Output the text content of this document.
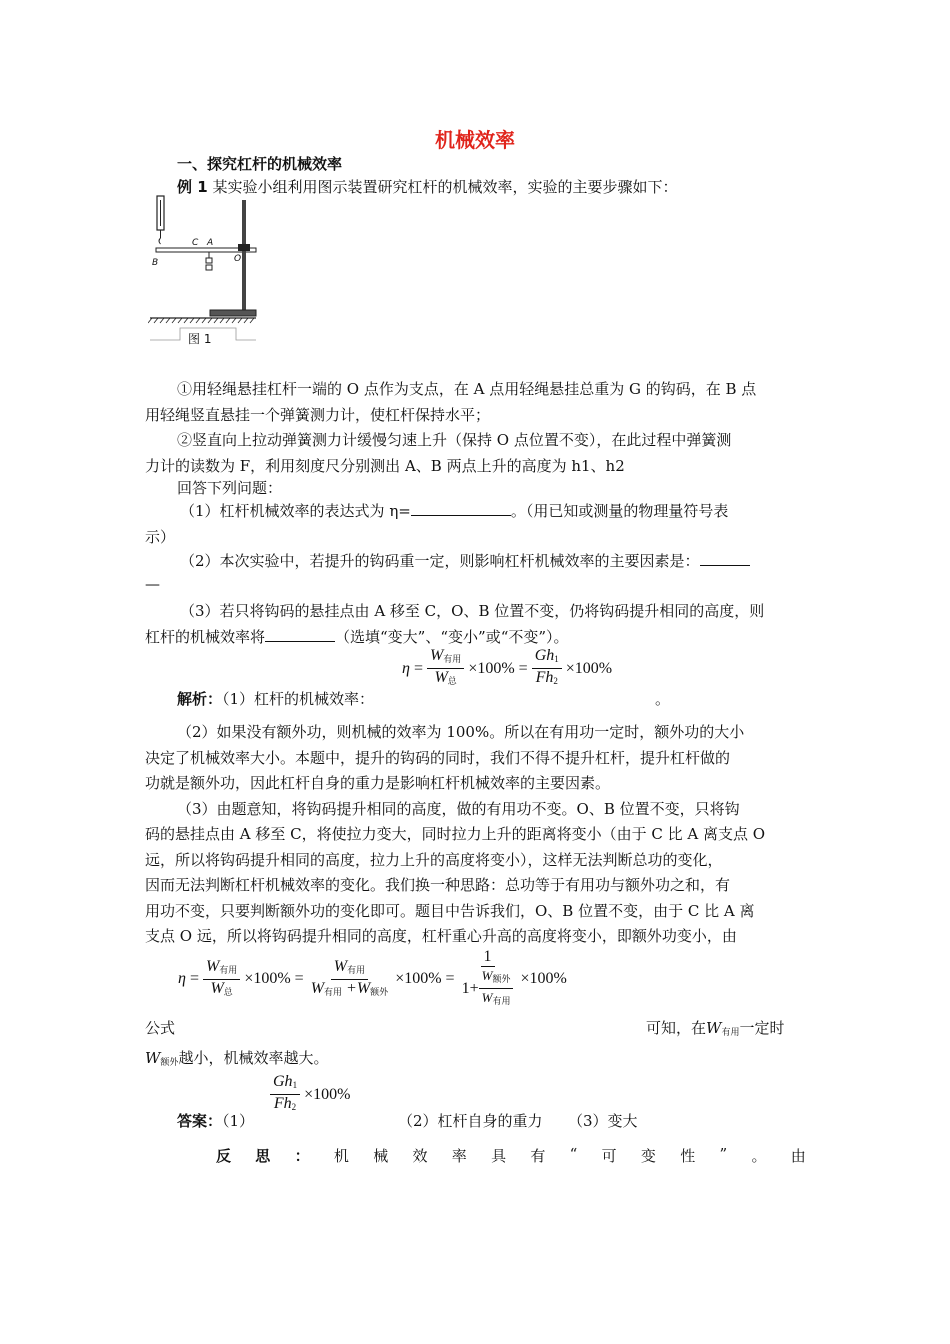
机械效率
一、探究杠杆的机械效率
例 1 某实验小组利用图示装置研究杠杆的机械效率，实验的主要步骤如下：
B
C A
O
图 1
①用轻绳悬挂杠杆一端的 O 点作为支点，在 A 点用轻绳悬挂总重为 G 的钩码，在 B 点
用轻绳竖直悬挂一个弹簧测力计，使杠杆保持水平；
②竖直向上拉动弹簧测力计缓慢匀速上升（保持 O 点位置不变），在此过程中弹簧测
力计的读数为 F，利用刻度尺分别测出 A、B 两点上升的高度为 h1、h2
回答下列问题：
（1）杠杆机械效率的表达式为 η=	。（用已知或测量的物理量符号表
示）
（2）本次实验中，若提升的钩码重一定，则影响杠杆机械效率的主要因素是：
—
（3）若只将钩码的悬挂点由 A 移至 C，O、B 位置不变，仍将钩码提升相同的高度，则
杠杆的机械效率将	（选填“变大”、“变小”或“不变”）。
$\eta = \frac{W_{有用}}{W_总} \times 100\% = \frac{Gh_1}{Fh_2} \times 100\%$
解析：（1）杠杆的机械效率：	。
（2）如果没有额外功，则机械的效率为 100%。所以在有用功一定时，额外功的大小
决定了机械效率大小。本题中，提升的钩码的同时，我们不得不提升杠杆，提升杠杆做的
功就是额外功，因此杠杆自身的重力是影响杠杆机械效率的主要因素。
（3）由题意知，将钩码提升相同的高度，做的有用功不变。O、B 位置不变，只将钩
码的悬挂点由 A 移至 C，将使拉力变大，同时拉力上升的距离将变小（由于 C 比 A 离支点 O
远，所以将钩码提升相同的高度，拉力上升的高度将变小），这样无法判断总功的变化，
因而无法判断杠杆机械效率的变化。我们换一种思路：总功等于有用功与额外功之和，有
用功不变，只要判断额外功的变化即可。题目中告诉我们，O、B 位置不变，由于 C 比 A 离
支点 O 远，所以将钩码提升相同的高度，杠杆重心升高的高度将变小，即额外功变小，由
$\eta = \frac{W_{有用}}{W_总} \times 100\% = \frac{W_{有用}}{W_{有用} +W_{额外}} \times 100\% = \frac{1}{1+ \frac{W_{额外}}{W_{有用}}} \times 100\%$
公式	可知，在$W_{有用}$一定时
$W_{额外}$越小，机械效率越大。
$\frac{Gh_1}{Fh_2} \times 100\%$
答案：（1）	（2）杠杆自身的重力 （3）变大
反 思 ： 机 械 效 率 具 有 “ 可 变 性 ” 。 由
